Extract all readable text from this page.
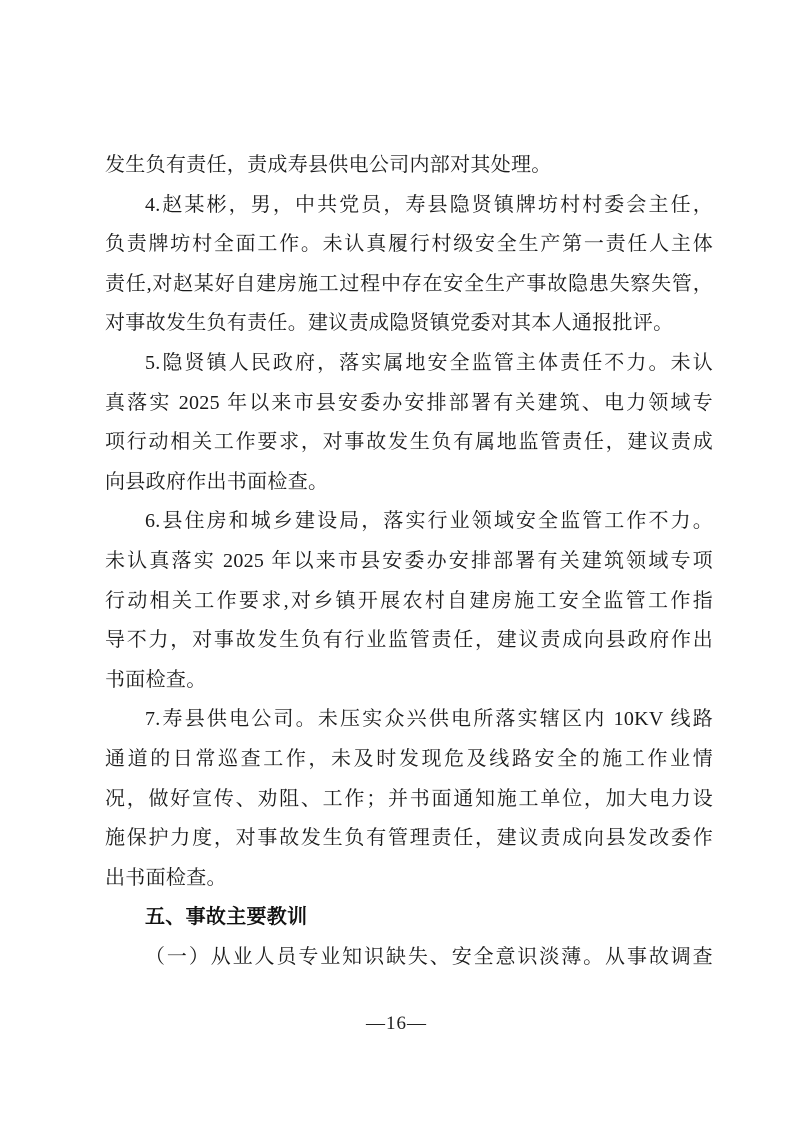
发生负有责任，责成寿县供电公司内部对其处理。
4.赵某彬，男，中共党员，寿县隐贤镇牌坊村村委会主任，
负责牌坊村全面工作。未认真履行村级安全生产第一责任人主体
责任,对赵某好自建房施工过程中存在安全生产事故隐患失察失管，
对事故发生负有责任。建议责成隐贤镇党委对其本人通报批评。
5.隐贤镇人民政府，落实属地安全监管主体责任不力。未认
真落实 2025 年以来市县安委办安排部署有关建筑、电力领域专
项行动相关工作要求，对事故发生负有属地监管责任，建议责成
向县政府作出书面检查。
6.县住房和城乡建设局，落实行业领域安全监管工作不力。
未认真落实 2025 年以来市县安委办安排部署有关建筑领域专项
行动相关工作要求,对乡镇开展农村自建房施工安全监管工作指
导不力，对事故发生负有行业监管责任，建议责成向县政府作出
书面检查。
7.寿县供电公司。未压实众兴供电所落实辖区内 10KV 线路
通道的日常巡查工作，未及时发现危及线路安全的施工作业情
况，做好宣传、劝阻、工作；并书面通知施工单位，加大电力设
施保护力度，对事故发生负有管理责任，建议责成向县发改委作
出书面检查。
五、事故主要教训
（一）从业人员专业知识缺失、安全意识淡薄。从事故调查
—16—
